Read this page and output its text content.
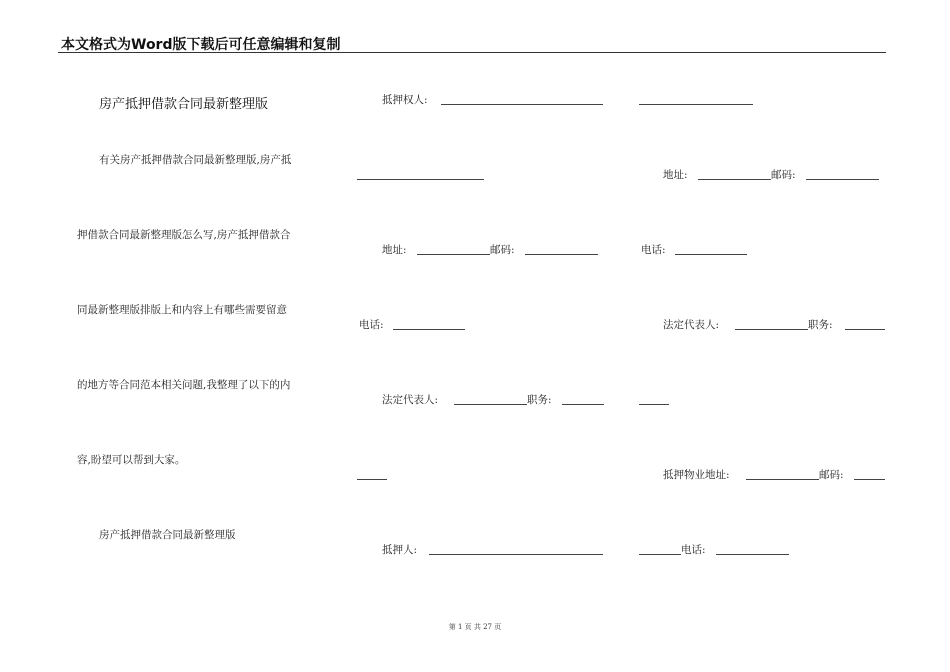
本文格式为Word版下载后可任意编辑和复制
房产抵押借款合同最新整理版
有关房产抵押借款合同最新整理版,房产抵
押借款合同最新整理版怎么写,房产抵押借款合
同最新整理版排版上和内容上有哪些需要留意
的地方等合同范本相关问题,我整理了以下的内
容,盼望可以帮到大家。
房产抵押借款合同最新整理版
抵押权人:
地址:	邮码:
地址:	邮码:	电话:
电话:	法定代表人:	职务:
法定代表人:	职务:
抵押物业地址:	邮码:
抵押人:	电话:
第 1 页 共 27 页
